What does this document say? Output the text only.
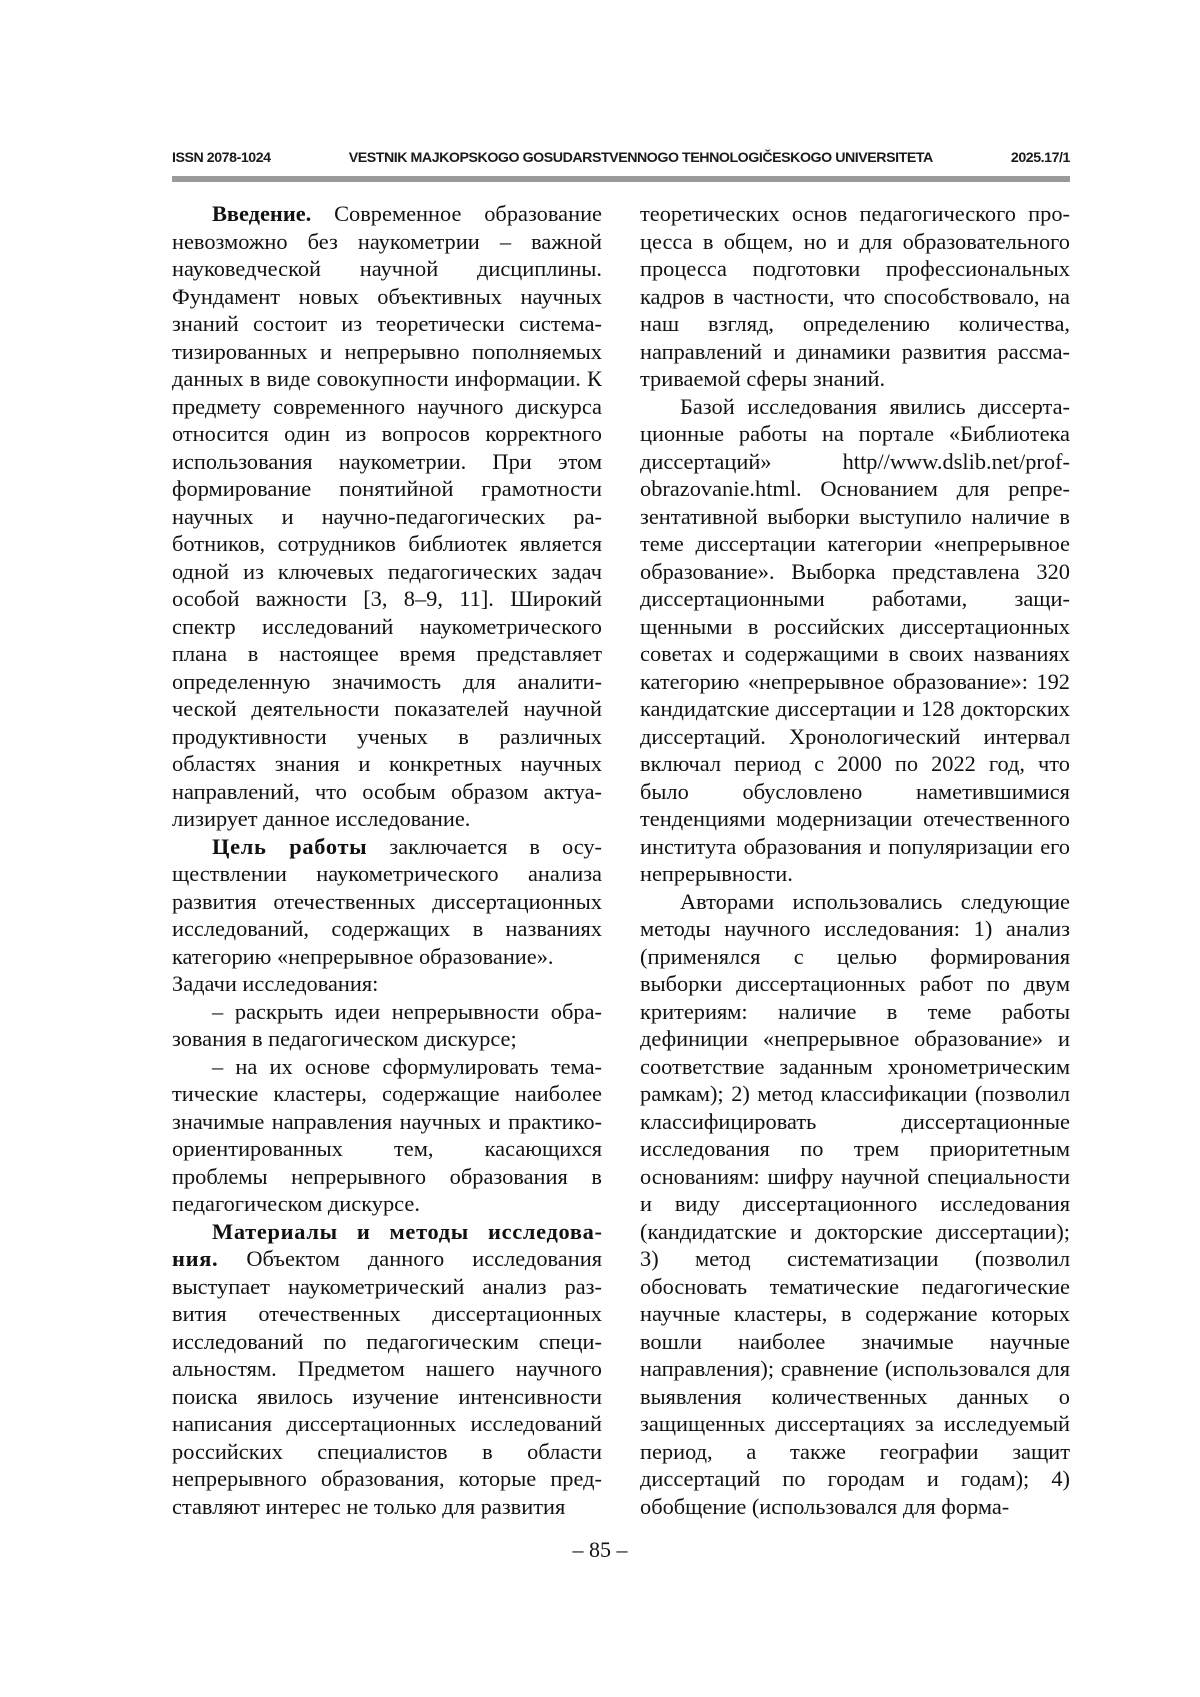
ISSN 2078-1024	VESTNIK MAJKOPSKOGO GOSUDARSTVENNOGO TEHNOLOGIČESKOGO UNIVERSITETA	2025.17/1

Введение. Современное образование невозможно без наукометрии – важной науковедческой научной дисциплины. Фундамент новых объективных научных знаний состоит из теоретически систематизированных и непрерывно пополняемых данных в виде совокупности информации. К предмету современного научного дискурса относится один из вопросов корректного использования наукометрии. При этом формирование понятийной грамотности научных и научно-педагогических работников, сотрудников библиотек является одной из ключевых педагогических задач особой важности [3, 8–9, 11]. Широкий спектр исследований наукометрического плана в настоящее время представляет определенную значимость для аналитической деятельности показателей научной продуктивности ученых в различных областях знания и конкретных научных направлений, что особым образом актуализирует данное исследование.

Цель работы заключается в осуществлении наукометрического анализа развития отечественных диссертационных исследований, содержащих в названиях категорию «непрерывное образование».

Задачи исследования:

– раскрыть идеи непрерывности образования в педагогическом дискурсе;

– на их основе сформулировать тематические кластеры, содержащие наиболее значимые направления научных и практико-ориентированных тем, касающихся проблемы непрерывного образования в педагогическом дискурсе.

Материалы и методы исследования. Объектом данного исследования выступает наукометрический анализ развития отечественных диссертационных исследований по педагогическим специальностям. Предметом нашего научного поиска явилось изучение интенсивности написания диссертационных исследований российских специалистов в области непрерывного образования, которые представляют интерес не только для развития

теоретических основ педагогического процесса в общем, но и для образовательного процесса подготовки профессиональных кадров в частности, что способствовало, на наш взгляд, определению количества, направлений и динамики развития рассматриваемой сферы знаний.

Базой исследования явились диссертационные работы на портале «Библиотека диссертаций» http//www.dslib.net/profobrazovanie.html. Основанием для репрезентативной выборки выступило наличие в теме диссертации категории «непрерывное образование». Выборка представлена 320 диссертационными работами, защищенными в российских диссертационных советах и содержащими в своих названиях категорию «непрерывное образование»: 192 кандидатские диссертации и 128 докторских диссертаций. Хронологический интервал включал период с 2000 по 2022 год, что было обусловлено наметившимися тенденциями модернизации отечественного института образования и популяризации его непрерывности.

Авторами использовались следующие методы научного исследования: 1) анализ (применялся с целью формирования выборки диссертационных работ по двум критериям: наличие в теме работы дефиниции «непрерывное образование» и соответствие заданным хронометрическим рамкам); 2) метод классификации (позволил классифицировать диссертационные исследования по трем приоритетным основаниям: шифру научной специальности и виду диссертационного исследования (кандидатские и докторские диссертации); 3) метод систематизации (позволил обосновать тематические педагогические научные кластеры, в содержание которых вошли наиболее значимые научные направления); сравнение (использовался для выявления количественных данных о защищенных диссертациях за исследуемый период, а также географии защит диссертаций по городам и годам); 4) обобщение (использовался для форма-

– 85 –
